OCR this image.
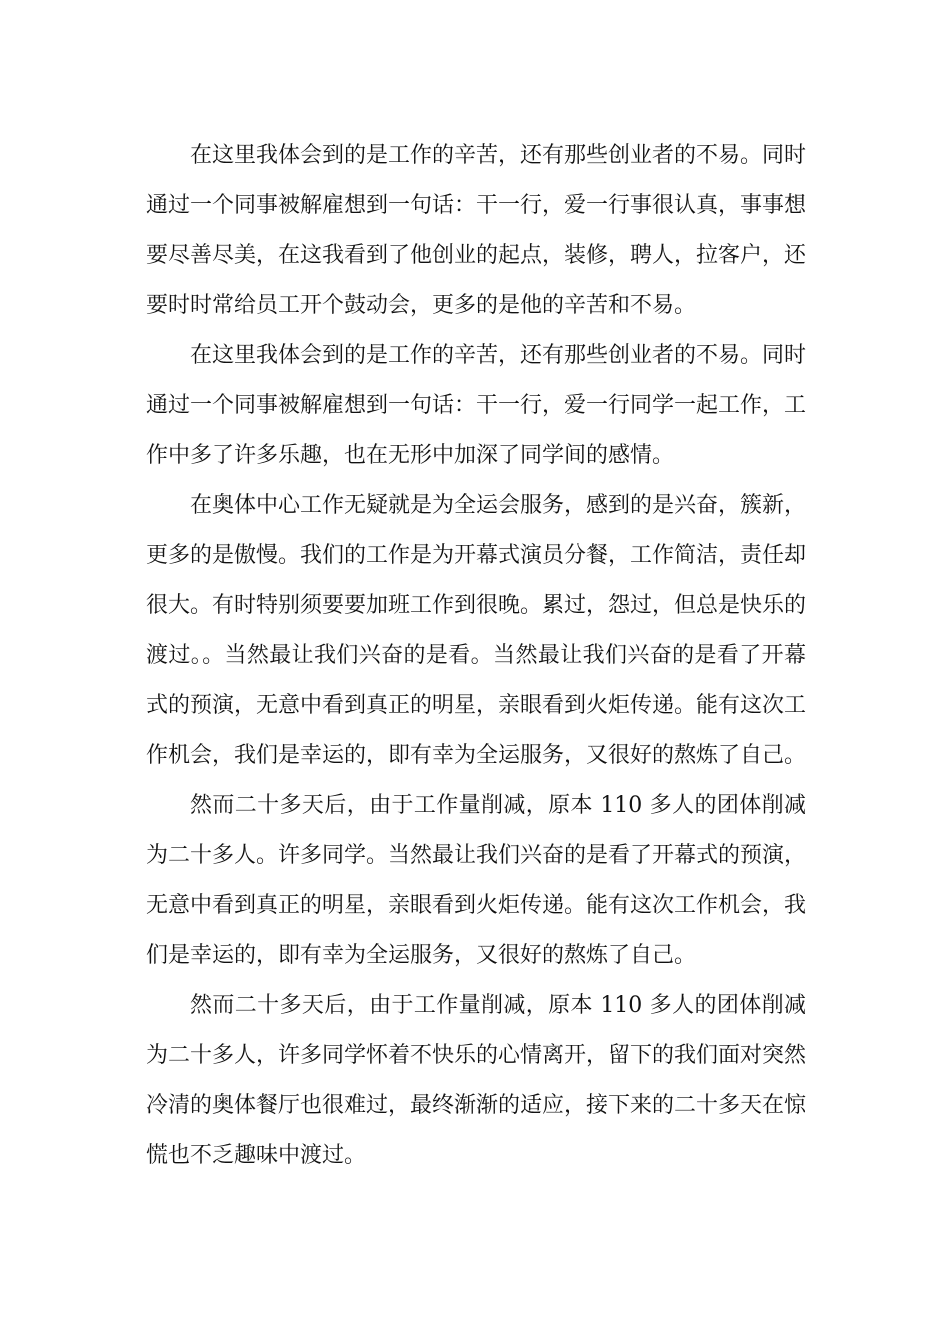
在这里我体会到的是工作的辛苦，还有那些创业者的不易。同时通过一个同事被解雇想到一句话：干一行，爱一行事很认真，事事想要尽善尽美，在这我看到了他创业的起点，装修，聘人，拉客户，还要时时常给员工开个鼓动会，更多的是他的辛苦和不易。

在这里我体会到的是工作的辛苦，还有那些创业者的不易。同时通过一个同事被解雇想到一句话：干一行，爱一行同学一起工作，工作中多了许多乐趣，也在无形中加深了同学间的感情。

在奥体中心工作无疑就是为全运会服务，感到的是兴奋，簇新，更多的是傲慢。我们的工作是为开幕式演员分餐，工作简洁，责任却很大。有时特别须要要加班工作到很晚。累过，怨过，但总是快乐的渡过。。当然最让我们兴奋的是看。当然最让我们兴奋的是看了开幕式的预演，无意中看到真正的明星，亲眼看到火炬传递。能有这次工作机会，我们是幸运的，即有幸为全运服务，又很好的熬炼了自己。

然而二十多天后，由于工作量削减，原本 110 多人的团体削减为二十多人。许多同学。当然最让我们兴奋的是看了开幕式的预演，无意中看到真正的明星，亲眼看到火炬传递。能有这次工作机会，我们是幸运的，即有幸为全运服务，又很好的熬炼了自己。

然而二十多天后，由于工作量削减，原本 110 多人的团体削减为二十多人，许多同学怀着不快乐的心情离开，留下的我们面对突然冷清的奥体餐厅也很难过，最终渐渐的适应，接下来的二十多天在惊慌也不乏趣味中渡过。
